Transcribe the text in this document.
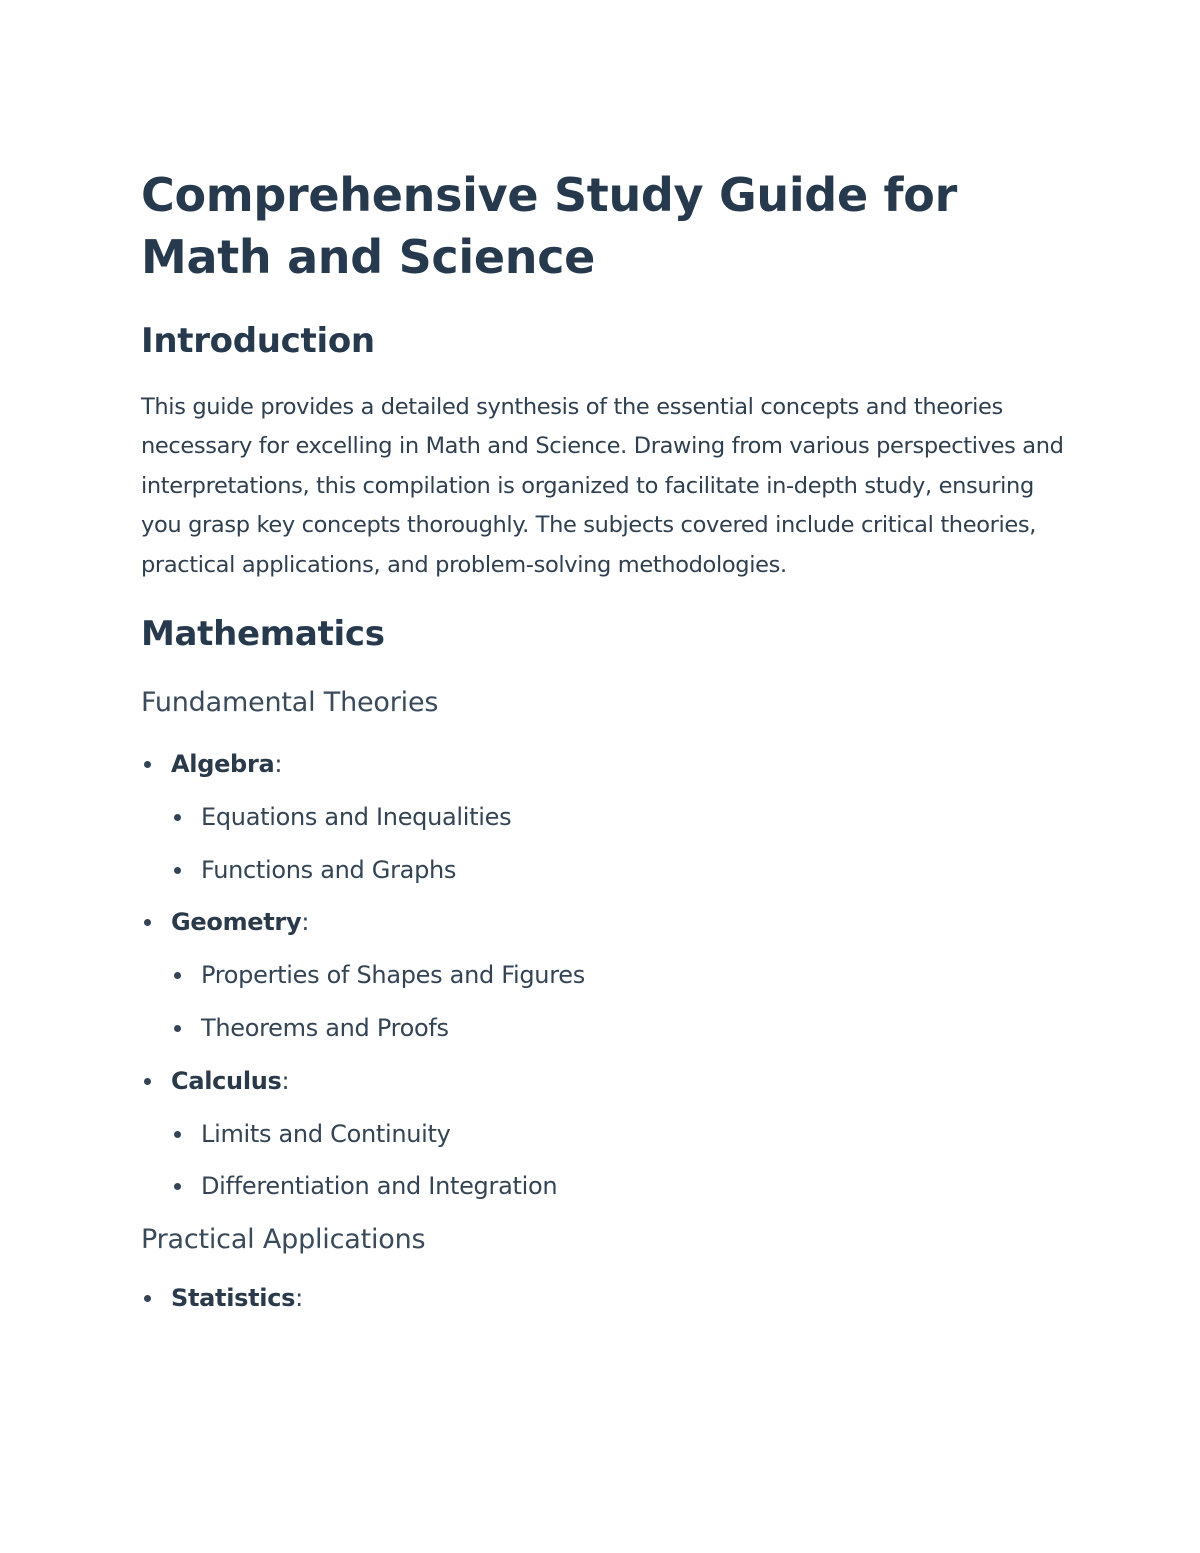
Comprehensive Study Guide for Math and Science
Introduction

This guide provides a detailed synthesis of the essential concepts and theories necessary for excelling in Math and Science. Drawing from various perspectives and interpretations, this compilation is organized to facilitate in-depth study, ensuring you grasp key concepts thoroughly. The subjects covered include critical theories, practical applications, and problem-solving methodologies.

Mathematics
Fundamental Theories
Algebra:
Equations and Inequalities
Functions and Graphs
Geometry:
Properties of Shapes and Figures
Theorems and Proofs
Calculus:
Limits and Continuity
Differentiation and Integration
Practical Applications
Statistics:
